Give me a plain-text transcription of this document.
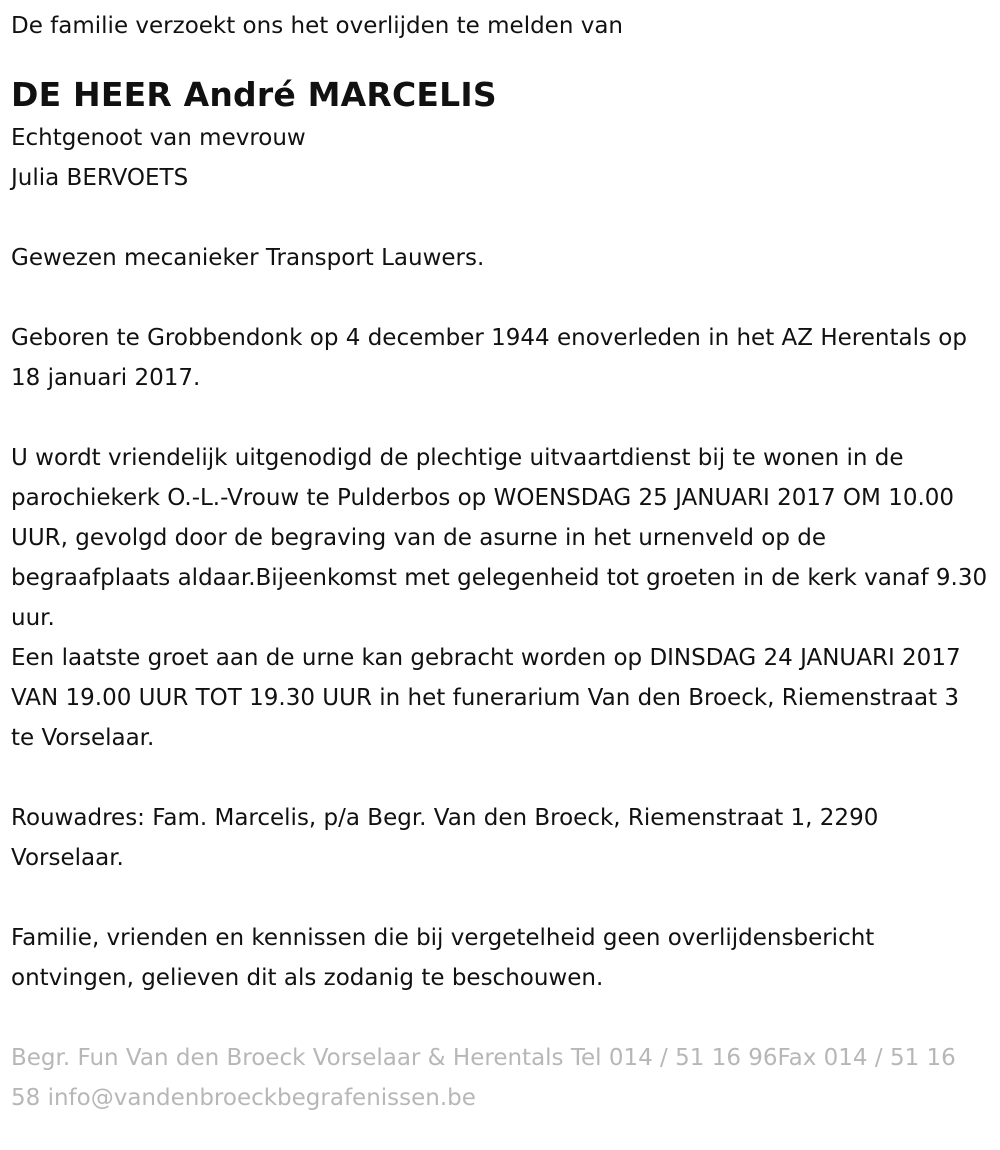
De familie verzoekt ons het overlijden te melden van

DE HEER André MARCELIS

Echtgenoot van mevrouw

Julia BERVOETS

Gewezen mecanieker Transport Lauwers.

Geboren te Grobbendonk op 4 december 1944 enoverleden in het AZ Herentals op 18 januari 2017.

U wordt vriendelijk uitgenodigd de plechtige uitvaartdienst bij te wonen in de parochiekerk O.-L.-Vrouw te Pulderbos op WOENSDAG 25 JANUARI 2017 OM 10.00 UUR, gevolgd door de begraving van de asurne in het urnenveld op de begraafplaats aldaar.Bijeenkomst met gelegenheid tot groeten in de kerk vanaf 9.30 uur.

Een laatste groet aan de urne kan gebracht worden op DINSDAG 24 JANUARI 2017 VAN 19.00 UUR TOT 19.30 UUR in het funerarium Van den Broeck, Riemenstraat 3 te Vorselaar.

Rouwadres: Fam. Marcelis, p/a Begr. Van den Broeck, Riemenstraat 1, 2290 Vorselaar.

Familie, vrienden en kennissen die bij vergetelheid geen overlijdensbericht ontvingen, gelieven dit als zodanig te beschouwen.

Begr. Fun Van den Broeck Vorselaar & Herentals Tel 014 / 51 16 96Fax 014 / 51 16 58 info@vandenbroeckbegrafenissen.be
